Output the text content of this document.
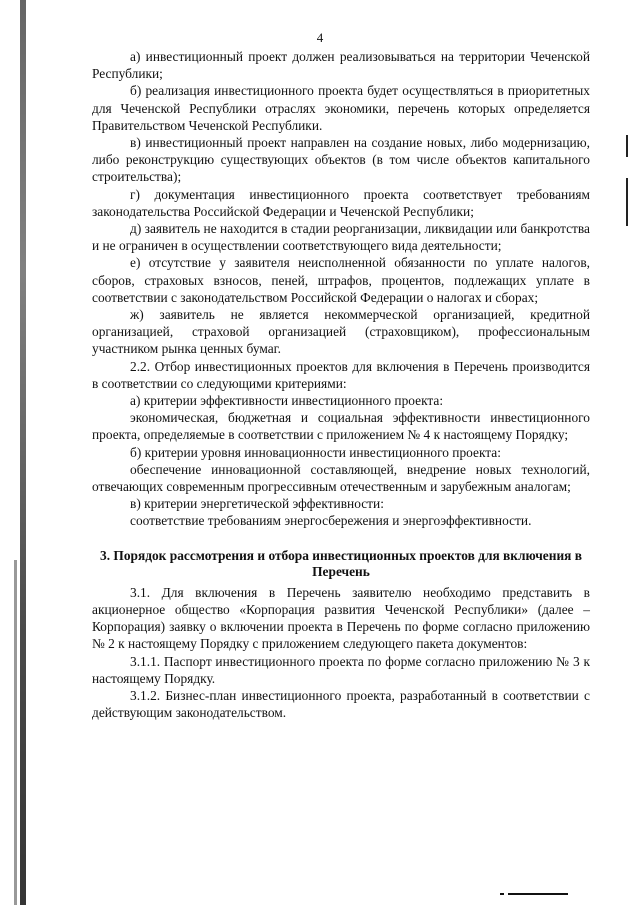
4

а) инвестиционный проект должен реализовываться на территории Чеченской Республики;

б) реализация инвестиционного проекта будет осуществляться в приоритетных для Чеченской Республики отраслях экономики, перечень которых определяется Правительством Чеченской Республики.

в) инвестиционный проект направлен на создание новых, либо модернизацию, либо реконструкцию существующих объектов (в том числе объектов капитального строительства);

г) документация инвестиционного проекта соответствует требованиям законодательства Российской Федерации и Чеченской Республики;

д) заявитель не находится в стадии реорганизации, ликвидации или банкротства и не ограничен в осуществлении соответствующего вида деятельности;

е) отсутствие у заявителя неисполненной обязанности по уплате налогов, сборов, страховых взносов, пеней, штрафов, процентов, подлежащих уплате в соответствии с законодательством Российской Федерации о налогах и сборах;

ж) заявитель не является некоммерческой организацией, кредитной организацией, страховой организацией (страховщиком), профессиональным участником рынка ценных бумаг.

2.2. Отбор инвестиционных проектов для включения в Перечень производится в соответствии со следующими критериями:

а) критерии эффективности инвестиционного проекта:

экономическая, бюджетная и социальная эффективности инвестиционного проекта, определяемые в соответствии с приложением № 4 к настоящему Порядку;

б) критерии уровня инновационности инвестиционного проекта:

обеспечение инновационной составляющей, внедрение новых технологий, отвечающих современным прогрессивным отечественным и зарубежным аналогам;

в) критерии энергетической эффективности:

соответствие требованиям энергосбережения и энергоэффективности.

3. Порядок рассмотрения и отбора инвестиционных проектов для включения в Перечень

3.1. Для включения в Перечень заявителю необходимо представить в акционерное общество «Корпорация развития Чеченской Республики» (далее – Корпорация) заявку о включении проекта в Перечень по форме согласно приложению № 2 к настоящему Порядку с приложением следующего пакета документов:

3.1.1. Паспорт инвестиционного проекта по форме согласно приложению № 3 к настоящему Порядку.

3.1.2. Бизнес-план инвестиционного проекта, разработанный в соответствии с действующим законодательством.
